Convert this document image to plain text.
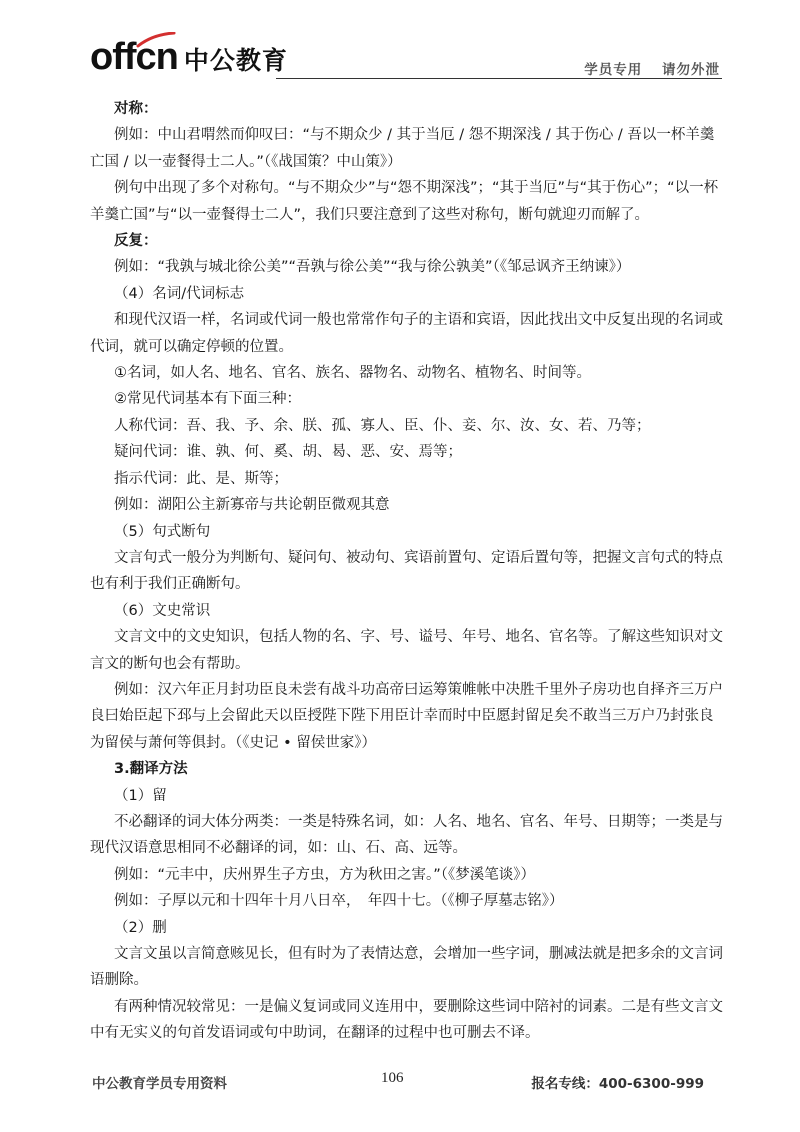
offcn 中公教育	学员专用 请勿外泄

对称：

例如：中山君喟然而仰叹曰：“与不期众少 / 其于当厄 / 怨不期深浅 / 其于伤心 / 吾以一杯羊羹亡国 / 以一壶餐得士二人。”（《战国策？中山策》）

例句中出现了多个对称句。“与不期众少”与“怨不期深浅”；“其于当厄”与“其于伤心”；“以一杯羊羹亡国”与“以一壶餐得士二人”，我们只要注意到了这些对称句，断句就迎刃而解了。

反复：

例如：“我孰与城北徐公美”“吾孰与徐公美”“我与徐公孰美”（《邹忌讽齐王纳谏》）

（4）名词/代词标志

和现代汉语一样，名词或代词一般也常常作句子的主语和宾语，因此找出文中反复出现的名词或代词，就可以确定停顿的位置。

①名词，如人名、地名、官名、族名、器物名、动物名、植物名、时间等。

②常见代词基本有下面三种：

人称代词：吾、我、予、余、朕、孤、寡人、臣、仆、妾、尔、汝、女、若、乃等；

疑问代词：谁、孰、何、奚、胡、曷、恶、安、焉等；

指示代词：此、是、斯等；

例如：湖阳公主新寡帝与共论朝臣微观其意

（5）句式断句

文言句式一般分为判断句、疑问句、被动句、宾语前置句、定语后置句等，把握文言句式的特点也有利于我们正确断句。

（6）文史常识

文言文中的文史知识，包括人物的名、字、号、谥号、年号、地名、官名等。了解这些知识对文言文的断句也会有帮助。

例如：汉六年正月封功臣良未尝有战斗功高帝曰运筹策帷帐中决胜千里外子房功也自择齐三万户良曰始臣起下邳与上会留此天以臣授陛下陛下用臣计幸而时中臣愿封留足矣不敢当三万户乃封张良为留侯与萧何等俱封。（《史记 • 留侯世家》）

3.翻译方法

（1）留

不必翻译的词大体分两类：一类是特殊名词，如：人名、地名、官名、年号、日期等；一类是与现代汉语意思相同不必翻译的词，如：山、石、高、远等。

例如：“元丰中，庆州界生子方虫，方为秋田之害。”（《梦溪笔谈》）

例如：子厚以元和十四年十月八日卒，　年四十七。（《柳子厚墓志铭》）

（2）删

文言文虽以言简意赅见长，但有时为了表情达意，会增加一些字词，删减法就是把多余的文言词语删除。

有两种情况较常见：一是偏义复词或同义连用中，要删除这些词中陪衬的词素。二是有些文言文中有无实义的句首发语词或句中助词，在翻译的过程中也可删去不译。

中公教育学员专用资料	106	报名专线：400-6300-999
